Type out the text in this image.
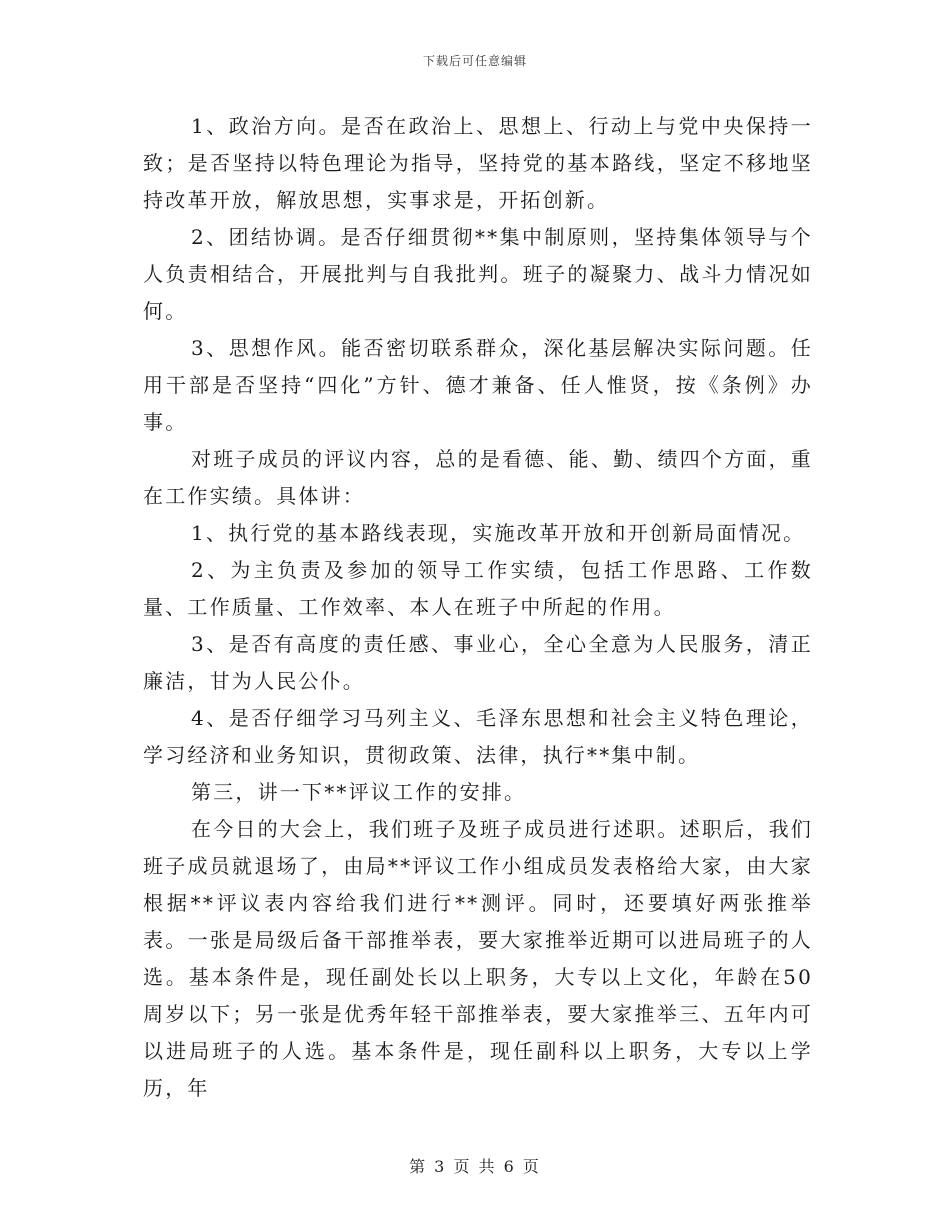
下载后可任意编辑

1、政治方向。是否在政治上、思想上、行动上与党中央保持一致；是否坚持以特色理论为指导，坚持党的基本路线，坚定不移地坚持改革开放，解放思想，实事求是，开拓创新。

2、团结协调。是否仔细贯彻**集中制原则，坚持集体领导与个人负责相结合，开展批判与自我批判。班子的凝聚力、战斗力情况如何。

3、思想作风。能否密切联系群众，深化基层解决实际问题。任用干部是否坚持“四化”方针、德才兼备、任人惟贤，按《条例》办事。

对班子成员的评议内容，总的是看德、能、勤、绩四个方面，重在工作实绩。具体讲：

1、执行党的基本路线表现，实施改革开放和开创新局面情况。

2、为主负责及参加的领导工作实绩，包括工作思路、工作数量、工作质量、工作效率、本人在班子中所起的作用。

3、是否有高度的责任感、事业心，全心全意为人民服务，清正廉洁，甘为人民公仆。

4、是否仔细学习马列主义、毛泽东思想和社会主义特色理论，学习经济和业务知识，贯彻政策、法律，执行**集中制。

第三，讲一下**评议工作的安排。

在今日的大会上，我们班子及班子成员进行述职。述职后，我们班子成员就退场了，由局**评议工作小组成员发表格给大家，由大家根据**评议表内容给我们进行**测评。同时，还要填好两张推举表。一张是局级后备干部推举表，要大家推举近期可以进局班子的人选。基本条件是，现任副处长以上职务，大专以上文化，年龄在50周岁以下；另一张是优秀年轻干部推举表，要大家推举三、五年内可以进局班子的人选。基本条件是，现任副科以上职务，大专以上学历，年

第 3 页 共 6 页
